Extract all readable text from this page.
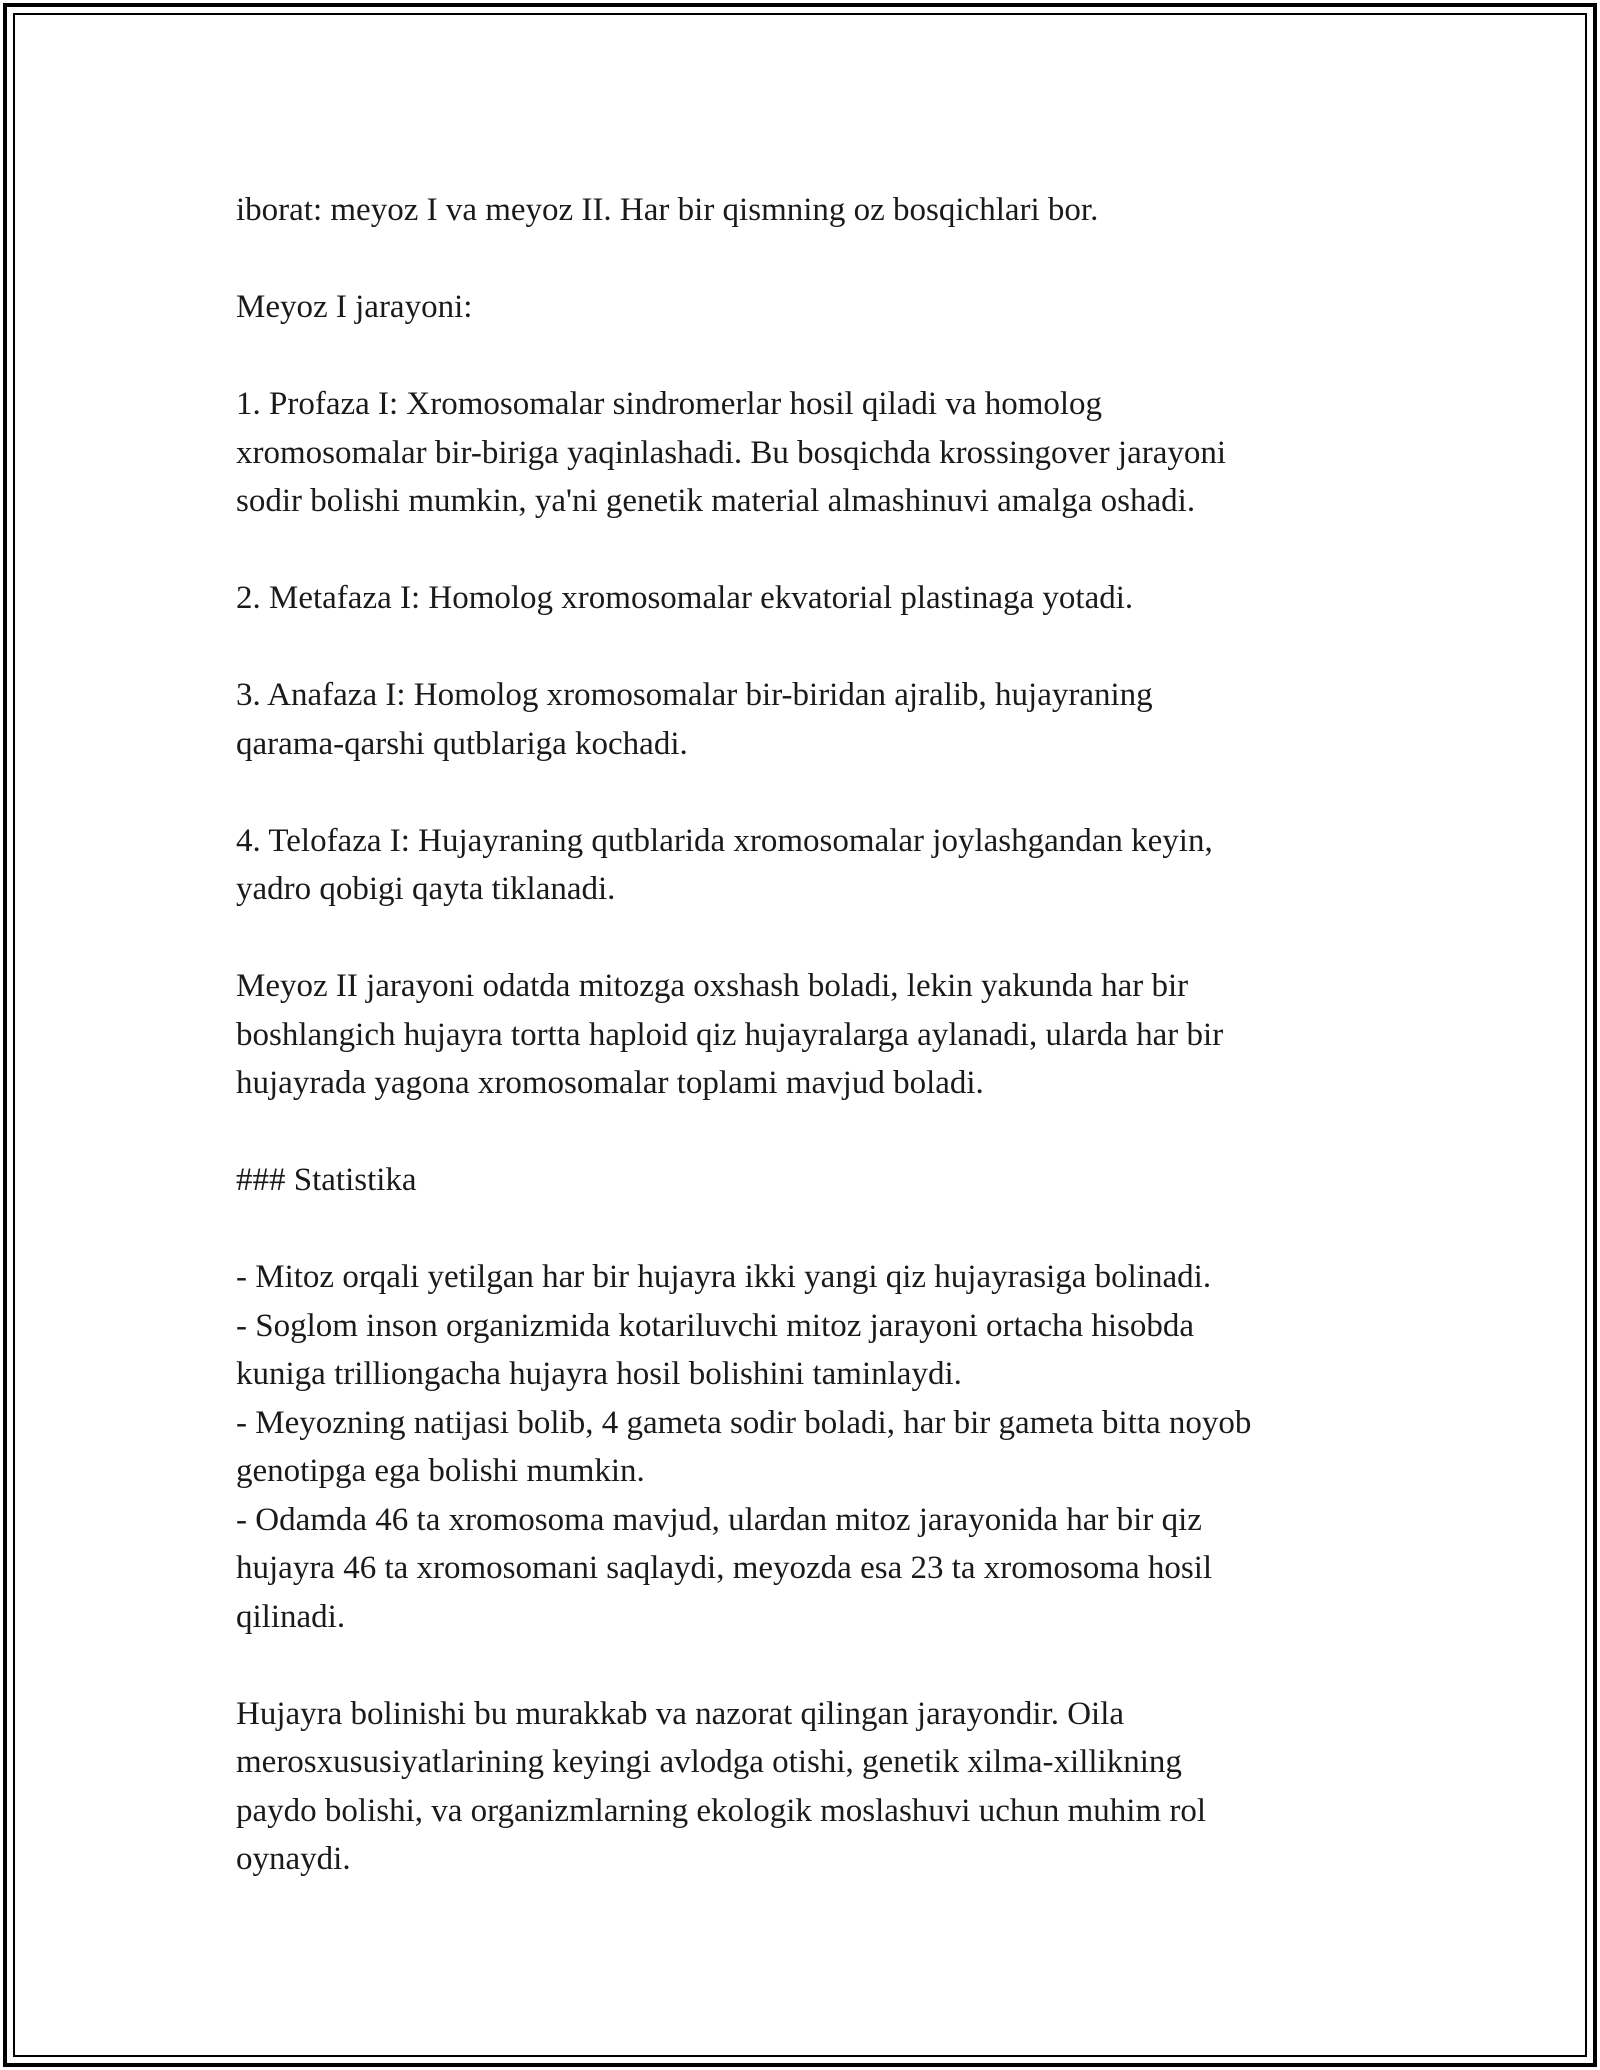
iborat: meyoz I va meyoz II. Har bir qismning oz bosqichlari bor.

Meyoz I jarayoni:

1. Profaza I: Xromosomalar sindromerlar hosil qiladi va homolog
xromosomalar bir-biriga yaqinlashadi. Bu bosqichda krossingover jarayoni
sodir bolishi mumkin, ya'ni genetik material almashinuvi amalga oshadi.

2. Metafaza I: Homolog xromosomalar ekvatorial plastinaga yotadi.

3. Anafaza I: Homolog xromosomalar bir-biridan ajralib, hujayraning
qarama-qarshi qutblariga kochadi.

4. Telofaza I: Hujayraning qutblarida xromosomalar joylashgandan keyin,
yadro qobigi qayta tiklanadi.

Meyoz II jarayoni odatda mitozga oxshash boladi, lekin yakunda har bir
boshlangich hujayra tortta haploid qiz hujayralarga aylanadi, ularda har bir
hujayrada yagona xromosomalar toplami mavjud boladi.

### Statistika

- Mitoz orqali yetilgan har bir hujayra ikki yangi qiz hujayrasiga bolinadi.
- Soglom inson organizmida kotariluvchi mitoz jarayoni ortacha hisobda
kuniga trilliongacha hujayra hosil bolishini taminlaydi.
- Meyozning natijasi bolib, 4 gameta sodir boladi, har bir gameta bitta noyob
genotipga ega bolishi mumkin.
- Odamda 46 ta xromosoma mavjud, ulardan mitoz jarayonida har bir qiz
hujayra 46 ta xromosomani saqlaydi, meyozda esa 23 ta xromosoma hosil
qilinadi.

Hujayra bolinishi bu murakkab va nazorat qilingan jarayondir. Oila
merosxususiyatlarining keyingi avlodga otishi, genetik xilma-xillikning
paydo bolishi, va organizmlarning ekologik moslashuvi uchun muhim rol
oynaydi.
